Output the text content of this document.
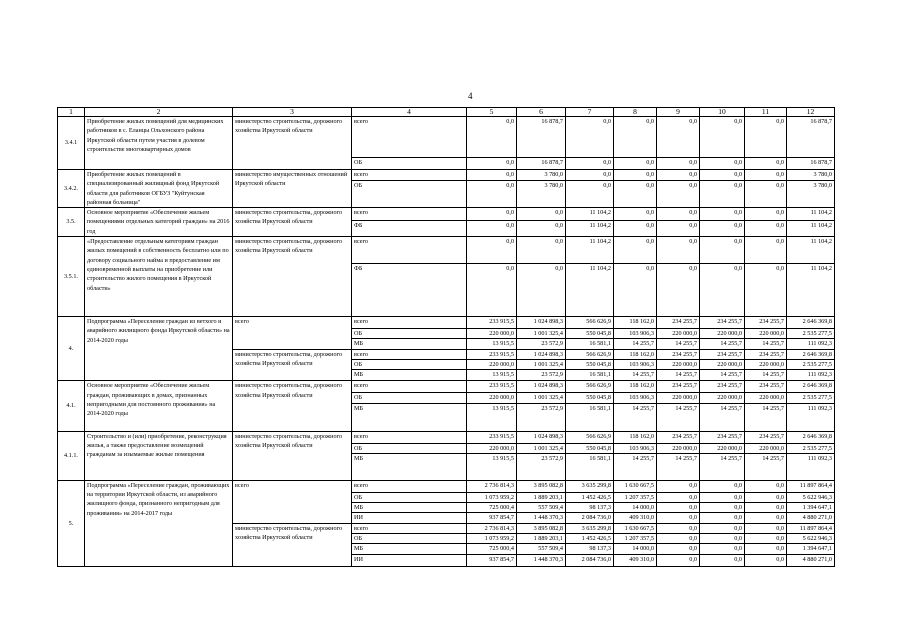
4
1	2	3	4	5	6	7	8	9	10	11	12
3.4.1	Приобретение жилых помещений для медицинских работников в с. Еланцы Ольхонского района Иркутской области путем участия в долевом строительстве многоквартирных домов	министерство строительства, дорожного хозяйства Иркутской области	всего	0,0	16 878,7	0,0	0,0	0,0	0,0	0,0	16 878,7
			ОБ	0,0	16 878,7	0,0	0,0	0,0	0,0	0,0	16 878,7
3.4.2.	Приобретение жилых помещений в специализированный жилищный фонд Иркутской области для работников ОГБУЗ "Куйтунская районная больница"	министерство имущественных отношений Иркутской области	всего	0,0	3 780,0	0,0	0,0	0,0	0,0	0,0	3 780,0
			ОБ	0,0	3 780,0	0,0	0,0	0,0	0,0	0,0	3 780,0
3.5.	Основное мероприятие «Обеспечение жильем помещениями отдельных категорий граждан» на 2016 год	министерство строительства, дорожного хозяйства Иркутской области	всего	0,0	0,0	11 104,2	0,0	0,0	0,0	0,0	11 104,2
			ФБ	0,0	0,0	11 104,2	0,0	0,0	0,0	0,0	11 104,2
3.5.1.	«Предоставление отдельным категориям граждан жилых помещений в собственность бесплатно или по договору социального найма и предоставление им единовременной выплаты на приобретение или строительство жилого помещения в Иркутской области»	министерство строительства, дорожного хозяйства Иркутской области	всего	0,0	0,0	11 104,2	0,0	0,0	0,0	0,0	11 104,2
			ФБ	0,0	0,0	11 104,2	0,0	0,0	0,0	0,0	11 104,2
4.	Подпрограмма «Переселение граждан из ветхого и аварийного жилищного фонда Иркутской области» на 2014-2020 годы	всего	всего	233 915,5	1 024 898,3	566 626,9	118 162,0	234 255,7	234 255,7	234 255,7	2 646 369,8
			ОБ	220 000,0	1 001 325,4	550 045,8	103 906,3	220 000,0	220 000,0	220 000,0	2 535 277,5
			МБ	13 915,5	23 572,9	16 581,1	14 255,7	14 255,7	14 255,7	14 255,7	111 092,3
		министерство строительства, дорожного хозяйства Иркутской области	всего	233 915,5	1 024 898,3	566 626,9	118 162,0	234 255,7	234 255,7	234 255,7	2 646 369,8
			ОБ	220 000,0	1 001 325,4	550 045,8	103 906,3	220 000,0	220 000,0	220 000,0	2 535 277,5
			МБ	13 915,5	23 572,9	16 581,1	14 255,7	14 255,7	14 255,7	14 255,7	111 092,3
4.1.	Основное мероприятие «Обеспечение жильем граждан, проживающих в домах, признанных непригодными для постоянного проживания» на 2014-2020 годы	министерство строительства, дорожного хозяйства Иркутской области	всего	233 915,5	1 024 898,3	566 626,9	118 162,0	234 255,7	234 255,7	234 255,7	2 646 369,8
			ОБ	220 000,0	1 001 325,4	550 045,8	103 906,3	220 000,0	220 000,0	220 000,0	2 535 277,5
			МБ	13 915,5	23 572,9	16 581,1	14 255,7	14 255,7	14 255,7	14 255,7	111 092,3
4.1.1.	Строительство и (или) приобретение, реконструкция жилья, а также предоставление возмещений гражданам за изымаемые жилые помещения	министерство строительства, дорожного хозяйства Иркутской области	всего	233 915,5	1 024 898,3	566 626,9	118 162,0	234 255,7	234 255,7	234 255,7	2 646 369,8
			ОБ	220 000,0	1 001 325,4	550 045,8	103 906,3	220 000,0	220 000,0	220 000,0	2 535 277,5
			МБ	13 915,5	23 572,9	16 581,1	14 255,7	14 255,7	14 255,7	14 255,7	111 092,3
5.	Подпрограмма «Переселение граждан, проживающих на территории Иркутской области, из аварийного жилищного фонда, признанного непригодным для проживания» на 2014-2017 годы	всего	всего	2 736 814,3	3 895 082,8	3 635 299,8	1 630 667,5	0,0	0,0	0,0	11 897 864,4
			ОБ	1 073 959,2	1 889 203,1	1 452 426,5	1 207 357,5	0,0	0,0	0,0	5 622 946,3
			МБ	725 000,4	557 509,4	98 137,3	14 000,0	0,0	0,0	0,0	1 394 647,1
			ИИ	937 854,7	1 448 370,3	2 084 736,0	409 310,0	0,0	0,0	0,0	4 880 271,0
		министерство строительства, дорожного хозяйства Иркутской области	всего	2 736 814,3	3 895 082,8	3 635 299,8	1 630 667,5	0,0	0,0	0,0	11 897 864,4
			ОБ	1 073 959,2	1 889 203,1	1 452 426,5	1 207 357,5	0,0	0,0	0,0	5 622 946,3
			МБ	725 000,4	557 509,4	98 137,3	14 000,0	0,0	0,0	0,0	1 394 647,1
			ИИ	937 854,7	1 448 370,3	2 084 736,0	409 310,0	0,0	0,0	0,0	4 880 271,0
